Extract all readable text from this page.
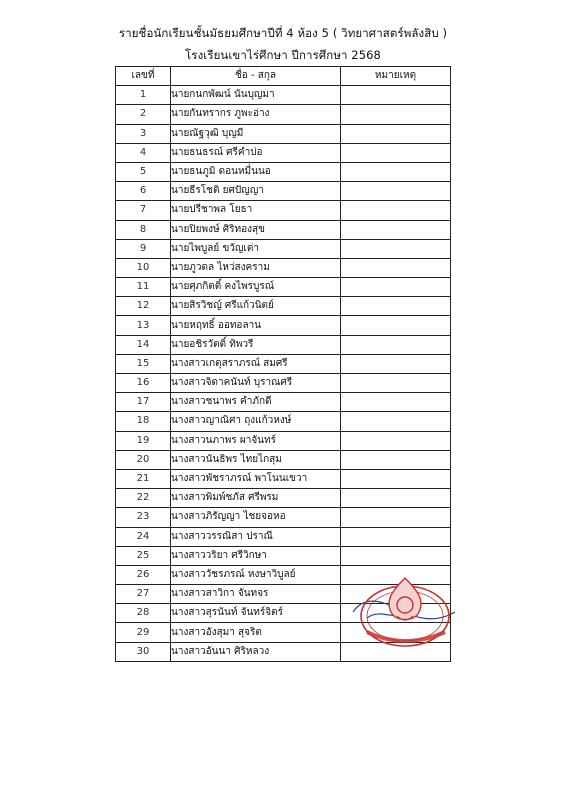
รายชื่อนักเรียนชั้นมัธยมศึกษาปีที่ 4 ห้อง 5 ( วิทยาศาสตร์พลังสิบ )
โรงเรียนเขาไร่ศึกษา ปีการศึกษา 2568
เลขที่	ชื่อ - สกุล	หมายเหตุ
1	นายกนกพัฒน์ นันบุญมา	
2	นายกันทรากร ภูพะอ่าง	
3	นายณัฐวุฒิ บุญมี	
4	นายธนธรณ์ ศรีคำบ่อ	
5	นายธนภูมิ ดอนหมื่นนอ	
6	นายธีรโชติ ยศปัญญา	
7	นายปรีชาพล โยธา	
8	นายปิยพงษ์ ศิริทองสุข	
9	นายไพบูลย์ ขวัญเต่า	
10	นายภูวดล ไหว่สงคราม	
11	นายศุภกิตติ์ คงไพรบูรณ์	
12	นายสิรวิชญ์ ศรีแก้วนิตย์	
13	นายหฤทธิ์ ออทอลาน	
14	นายอชิรวัตติ์ ทิพวรี	
15	นางสาวเกตุสราภรณ์ สมศรี	
16	นางสาวจิดาคนันท์ บุราณศรี	
17	นางสาวชนาพร คำภักดี	
18	นางสาวญาณิศา ถุงแก้วหงษ์	
19	นางสาวนภาพร ผาจันทร์	
20	นางสาวนันธิพร ไทยไกสุม	
21	นางสาวพัชราภรณ์ พาโนนเขวา	
22	นางสาวพิมพ์ชภัส ศรีพรม	
23	นางสาวภิรัญญา ไชยจอหอ	
24	นางสาววรรณิสา ปราณี	
25	นางสาววริยา ศรีวิกษา	
26	นางสาววัชรภรณ์ หงษาวิบูลย์	
27	นางสาวสาวิกา จันทจร	
28	นางสาวสุรนันท์ จันทร์จิตร์	
29	นางสาวอังสุมา สุจริต	
30	นางสาวอันนา ศิริหลวง	
